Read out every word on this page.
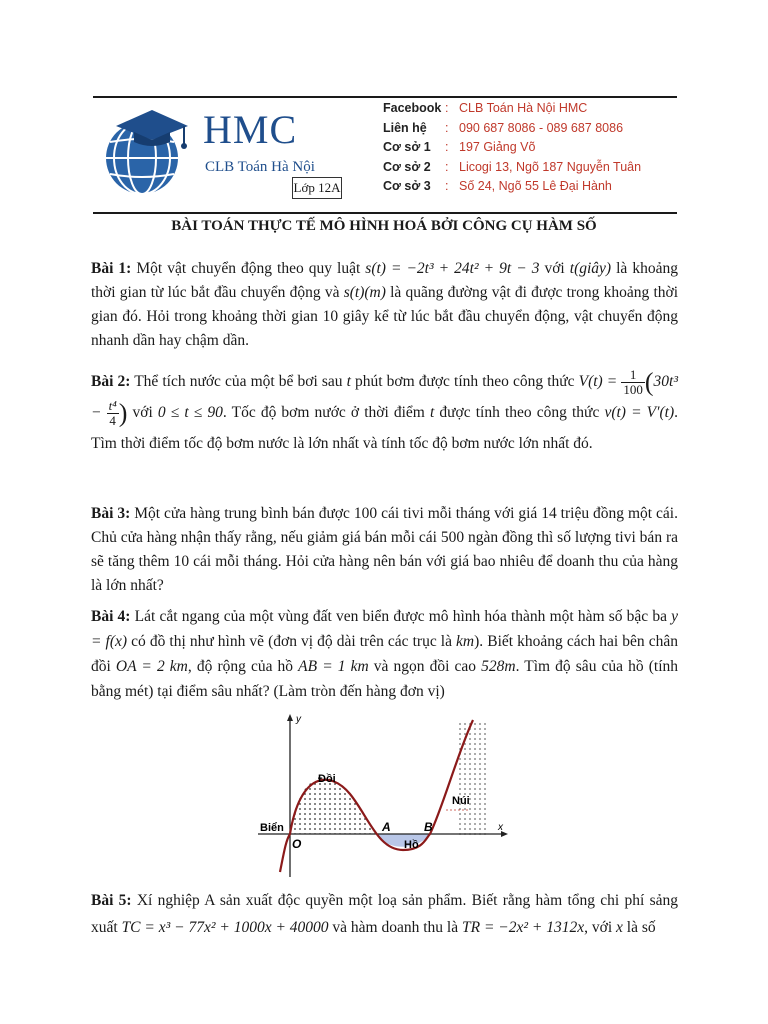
HMC
CLB Toán Hà Nội
Lớp 12A
Facebook : CLB Toán Hà Nội HMC
Liên hệ : 090 687 8086 - 089 687 8086
Cơ sở 1 : 197 Giảng Võ
Cơ sở 2 : Licogi 13, Ngõ 187 Nguyễn Tuân
Cơ sở 3 : Số 24, Ngõ 55 Lê Đại Hành
BÀI TOÁN THỰC TẾ MÔ HÌNH HOÁ BỞI CÔNG CỤ HÀM SỐ
Bài 1: Một vật chuyển động theo quy luật s(t) = −2t³ + 24t² + 9t − 3 với t(giây) là khoảng thời gian từ lúc bắt đầu chuyển động và s(t)(m) là quãng đường vật đi được trong khoảng thời gian đó. Hỏi trong khoảng thời gian 10 giây kể từ lúc bắt đầu chuyển động, vật chuyển động nhanh dần hay chậm dần.
Bài 2: Thể tích nước của một bể bơi sau t phút bơm được tính theo công thức $V(t) = \frac{1}{100} (30t^3 - \frac{\text{t⁴}}{4}$ ) với 0 ≤ t ≤ 90. Tốc độ bơm nước ở thời điểm t được tính theo công thức v(t) = V′(t). Tìm thời điểm tốc độ bơm nước là lớn nhất và tính tốc độ bơm nước lớn nhất đó.
Bài 3: Một cửa hàng trung bình bán được 100 cái tivi mỗi tháng với giá 14 triệu đồng một cái. Chủ cửa hàng nhận thấy rằng, nếu giảm giá bán mỗi cái 500 ngàn đồng thì số lượng tivi bán ra sẽ tăng thêm 10 cái mỗi tháng. Hỏi cửa hàng nên bán với giá bao nhiêu để doanh thu của hàng là lớn nhất?
Bài 4: Lát cắt ngang của một vùng đất ven biển được mô hình hóa thành một hàm số bậc ba y = f(x) có đồ thị như hình vẽ (đơn vị độ dài trên các trục là km). Biết khoảng cách hai bên chân đồi OA = 2 km, độ rộng của hồ AB = 1 km và ngọn đồi cao 528m. Tìm độ sâu của hồ (tính bằng mét) tại điểm sâu nhất? (Làm tròn đến hàng đơn vị)
y
x
Đồi
Núi
Biển
Hồ
O
A	B
Bài 5: Xí nghiệp A sản xuất độc quyền một loạ sản phẩm. Biết rằng hàm tổng chi phí sảng xuất TC = x³ − 77x² + 1000x + 40000 và hàm doanh thu là TR = −2x² + 1312x, với x là số
